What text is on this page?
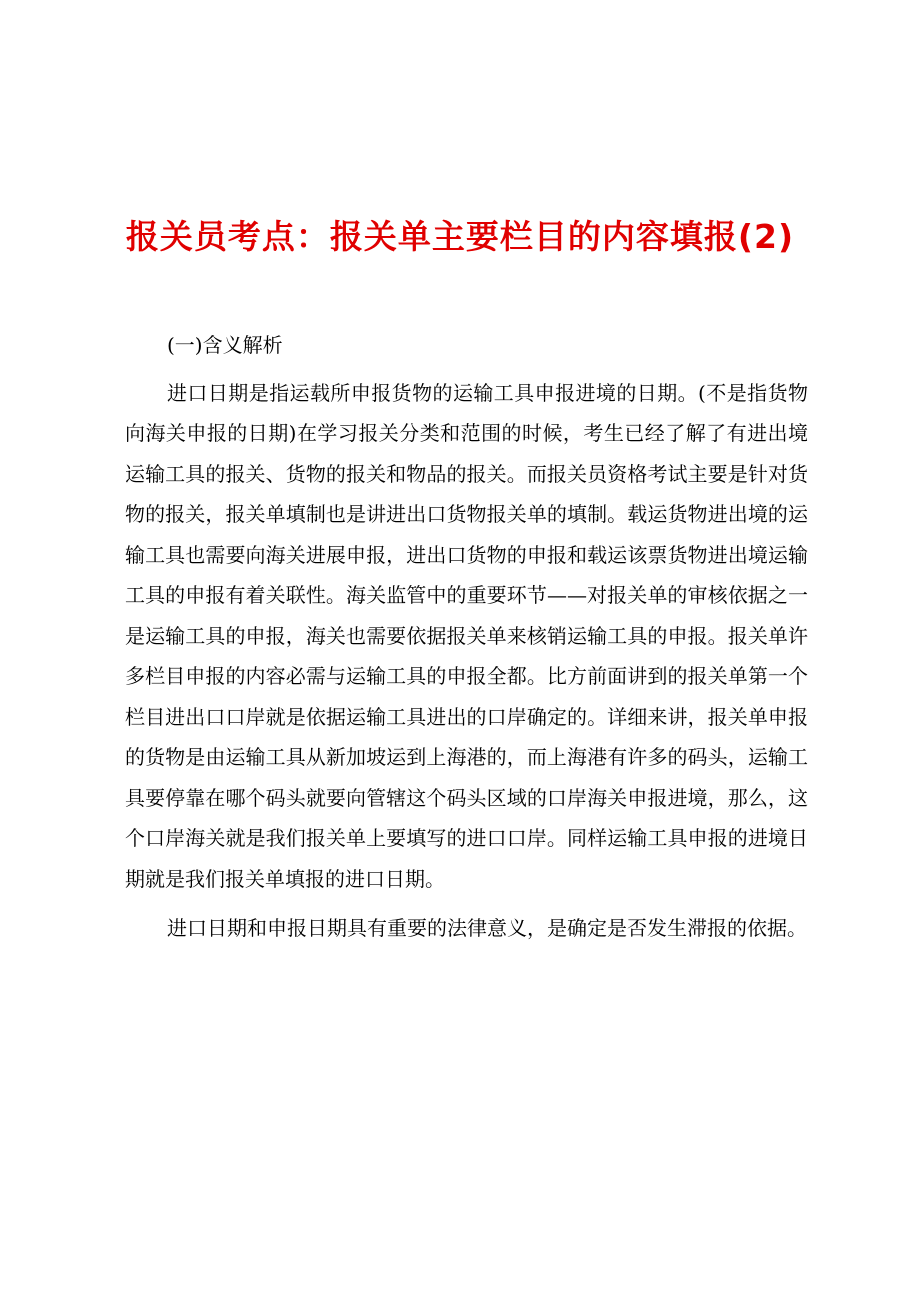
报关员考点：报关单主要栏目的内容填报(2)

(一)含义解析

进口日期是指运载所申报货物的运输工具申报进境的日期。(不是指货物向海关申报的日期)在学习报关分类和范围的时候，考生已经了解了有进出境运输工具的报关、货物的报关和物品的报关。而报关员资格考试主要是针对货物的报关，报关单填制也是讲进出口货物报关单的填制。载运货物进出境的运输工具也需要向海关进展申报，进出口货物的申报和载运该票货物进出境运输工具的申报有着关联性。海关监管中的重要环节——对报关单的审核依据之一是运输工具的申报，海关也需要依据报关单来核销运输工具的申报。报关单许多栏目申报的内容必需与运输工具的申报全都。比方前面讲到的报关单第一个栏目进出口口岸就是依据运输工具进出的口岸确定的。详细来讲，报关单申报的货物是由运输工具从新加坡运到上海港的，而上海港有许多的码头，运输工具要停靠在哪个码头就要向管辖这个码头区域的口岸海关申报进境，那么，这个口岸海关就是我们报关单上要填写的进口口岸。同样运输工具申报的进境日期就是我们报关单填报的进口日期。

进口日期和申报日期具有重要的法律意义，是确定是否发生滞报的依据。
